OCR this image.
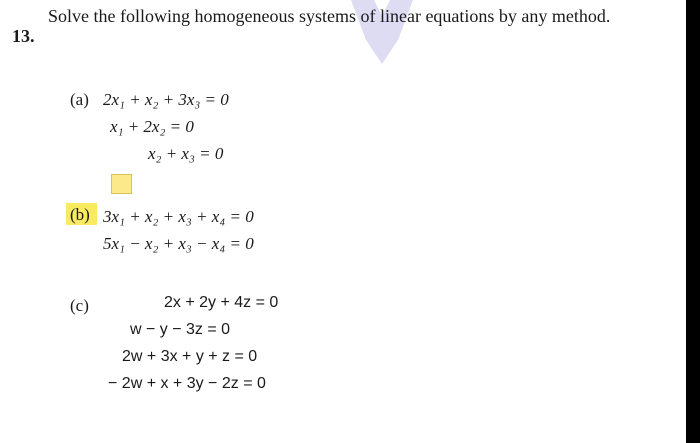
13.
Solve the following homogeneous systems of linear equations by any method.
(a) 2x₁ + x₂ + 3x₃ = 0
x₁ + 2x₂ = 0
x₂ + x₃ = 0
(b) 3x₁ + x₂ + x₃ + x₄ = 0
5x₁ − x₂ + x₃ − x₄ = 0
(c)	2x + 2y + 4z = 0
w − y − 3z = 0
2w + 3x + y + z = 0
− 2w + x + 3y − 2z = 0
